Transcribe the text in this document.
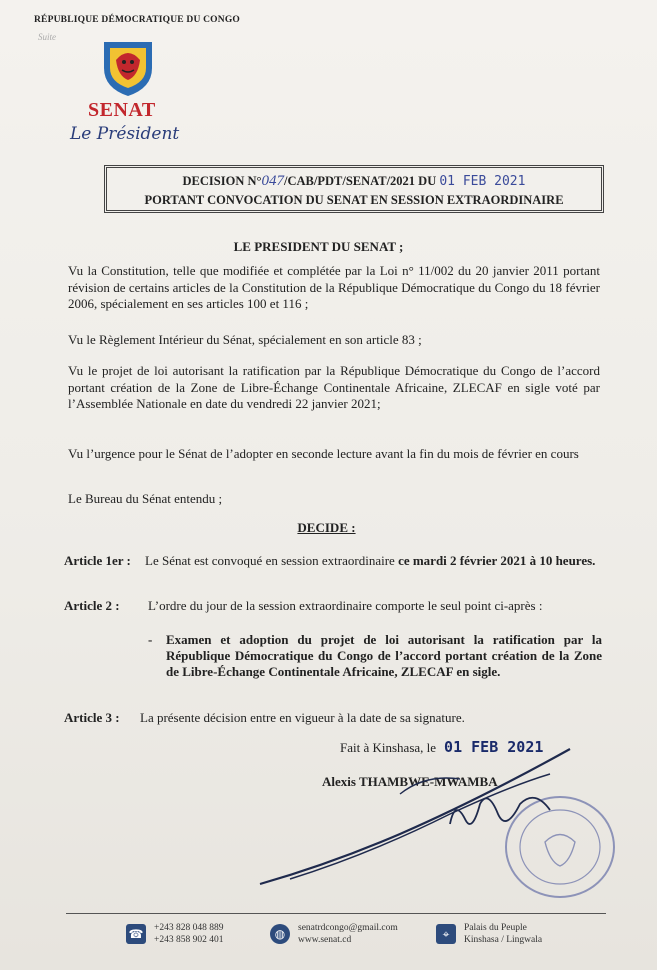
RÉPUBLIQUE DÉMOCRATIQUE DU CONGO
Suite
SENAT
Le Président
DECISION N°047/CAB/PDT/SENAT/2021 DU 01 FEB 2021
PORTANT CONVOCATION DU SENAT EN SESSION EXTRAORDINAIRE
LE PRESIDENT DU SENAT ;
Vu la Constitution, telle que modifiée et complétée par la Loi n° 11/002 du 20 janvier 2011 portant révision de certains articles de la Constitution de la République Démocratique du Congo du 18 février 2006, spécialement en ses articles 100 et 116 ;
Vu le Règlement Intérieur du Sénat, spécialement en son article 83 ;
Vu le projet de loi autorisant la ratification par la République Démocratique du Congo de l’accord portant création de la Zone de Libre-Échange Continentale Africaine, ZLECAF en sigle voté par l’Assemblée Nationale en date du vendredi 22 janvier 2021;
Vu l’urgence pour le Sénat de l’adopter en seconde lecture avant la fin du mois de février en cours
Le Bureau du Sénat entendu ;
DECIDE :
Article 1er : Le Sénat est convoqué en session extraordinaire ce mardi 2 février 2021 à 10 heures.
Article 2 : L’ordre du jour de la session extraordinaire comporte le seul point ci-après :
- Examen et adoption du projet de loi autorisant la ratification par la République Démocratique du Congo de l’accord portant création de la Zone de Libre-Échange Continentale Africaine, ZLECAF en sigle.
Article 3 : La présente décision entre en vigueur à la date de sa signature.
Fait à Kinshasa, le 01 FEB 2021
Alexis THAMBWE-MWAMBA
☎ +243 828 048 889
+243 858 902 401	◍	senatrdcongo@gmail.com
www.senat.cd	⌖	Palais du Peuple
Kinshasa / Lingwala
